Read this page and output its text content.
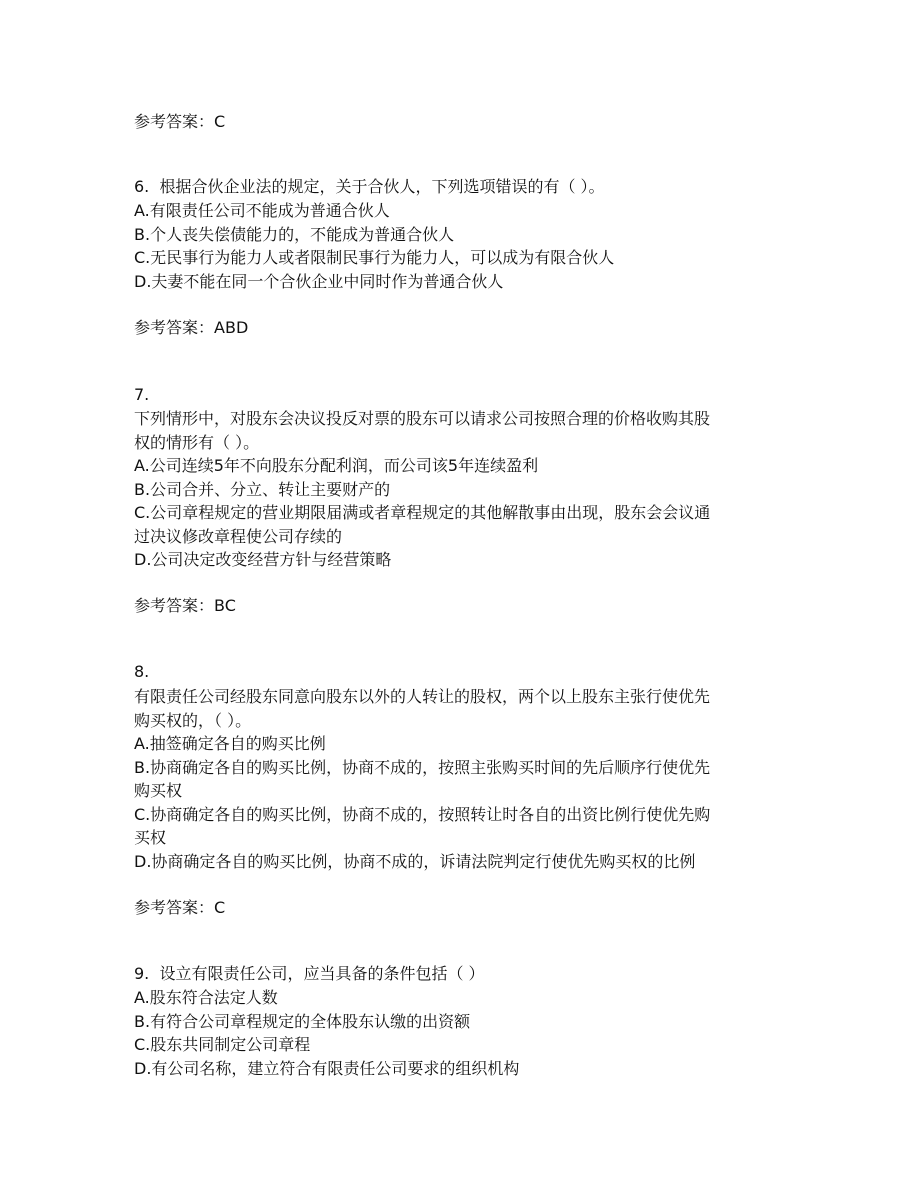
参考答案：C
6. 根据合伙企业法的规定，关于合伙人，下列选项错误的有（ ）。
A.有限责任公司不能成为普通合伙人
B.个人丧失偿债能力的，不能成为普通合伙人
C.无民事行为能力人或者限制民事行为能力人，可以成为有限合伙人
D.夫妻不能在同一个合伙企业中同时作为普通合伙人
参考答案：ABD
7.
下列情形中，对股东会决议投反对票的股东可以请求公司按照合理的价格收购其股
权的情形有（ ）。
A.公司连续5年不向股东分配利润，而公司该5年连续盈利
B.公司合并、分立、转让主要财产的
C.公司章程规定的营业期限届满或者章程规定的其他解散事由出现，股东会会议通
过决议修改章程使公司存续的
D.公司决定改变经营方针与经营策略
参考答案：BC
8.
有限责任公司经股东同意向股东以外的人转让的股权，两个以上股东主张行使优先
购买权的，（ ）。
A.抽签确定各自的购买比例
B.协商确定各自的购买比例，协商不成的，按照主张购买时间的先后顺序行使优先
购买权
C.协商确定各自的购买比例，协商不成的，按照转让时各自的出资比例行使优先购
买权
D.协商确定各自的购买比例，协商不成的，诉请法院判定行使优先购买权的比例
参考答案：C
9. 设立有限责任公司，应当具备的条件包括（ ）
A.股东符合法定人数
B.有符合公司章程规定的全体股东认缴的出资额
C.股东共同制定公司章程
D.有公司名称，建立符合有限责任公司要求的组织机构
